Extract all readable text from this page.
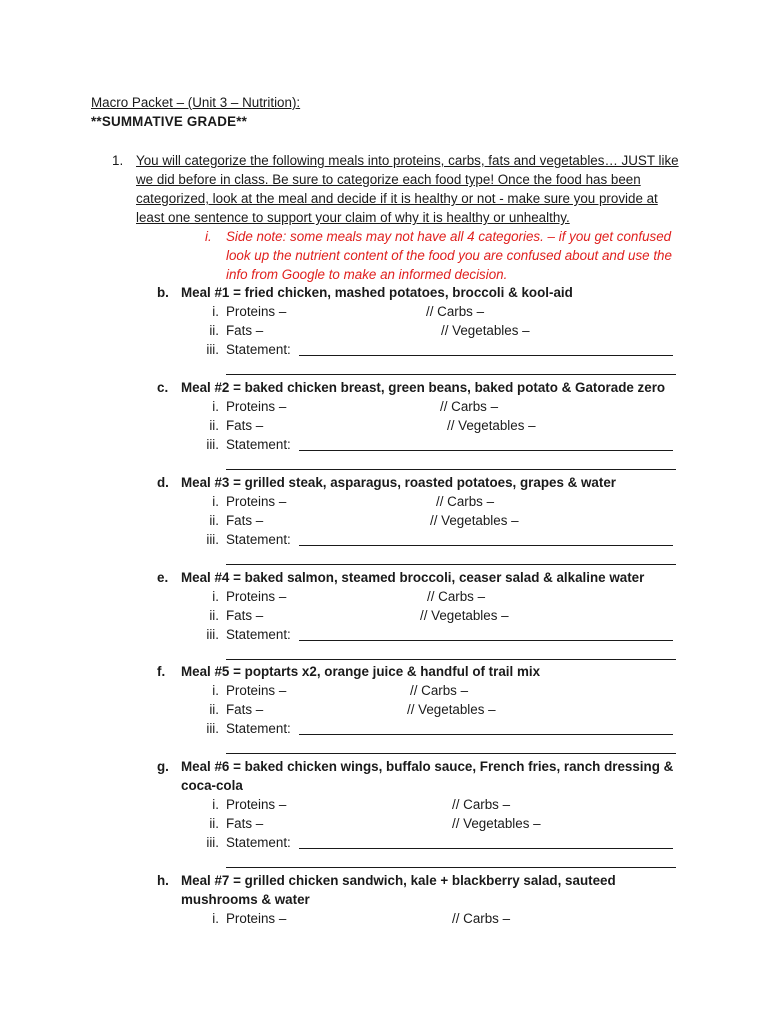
Macro Packet – (Unit 3 – Nutrition):
**SUMMATIVE GRADE**
1. You will categorize the following meals into proteins, carbs, fats and vegetables… JUST like we did before in class. Be sure to categorize each food type! Once the food has been categorized, look at the meal and decide if it is healthy or not - make sure you provide at least one sentence to support your claim of why it is healthy or unhealthy.
i. Side note: some meals may not have all 4 categories. – if you get confused look up the nutrient content of the food you are confused about and use the info from Google to make an informed decision.
b. Meal #1 = fried chicken, mashed potatoes, broccoli & kool-aid
i. Proteins –	// Carbs –
ii. Fats –	// Vegetables –
iii. Statement:
c. Meal #2 = baked chicken breast, green beans, baked potato & Gatorade zero
i. Proteins –	// Carbs –
ii. Fats –	// Vegetables –
iii. Statement:
d. Meal #3 = grilled steak, asparagus, roasted potatoes, grapes & water
i. Proteins –	// Carbs –
ii. Fats –	// Vegetables –
iii. Statement:
e. Meal #4 = baked salmon, steamed broccoli, ceaser salad & alkaline water
i. Proteins –	// Carbs –
ii. Fats –	// Vegetables –
iii. Statement:
f. Meal #5 = poptarts x2, orange juice & handful of trail mix
i. Proteins –	// Carbs –
ii. Fats –	// Vegetables –
iii. Statement:
g. Meal #6 = baked chicken wings, buffalo sauce, French fries, ranch dressing & coca-cola
i. Proteins –	// Carbs –
ii. Fats –	// Vegetables –
iii. Statement:
h. Meal #7 = grilled chicken sandwich, kale + blackberry salad, sauteed mushrooms & water
i. Proteins –	// Carbs –
